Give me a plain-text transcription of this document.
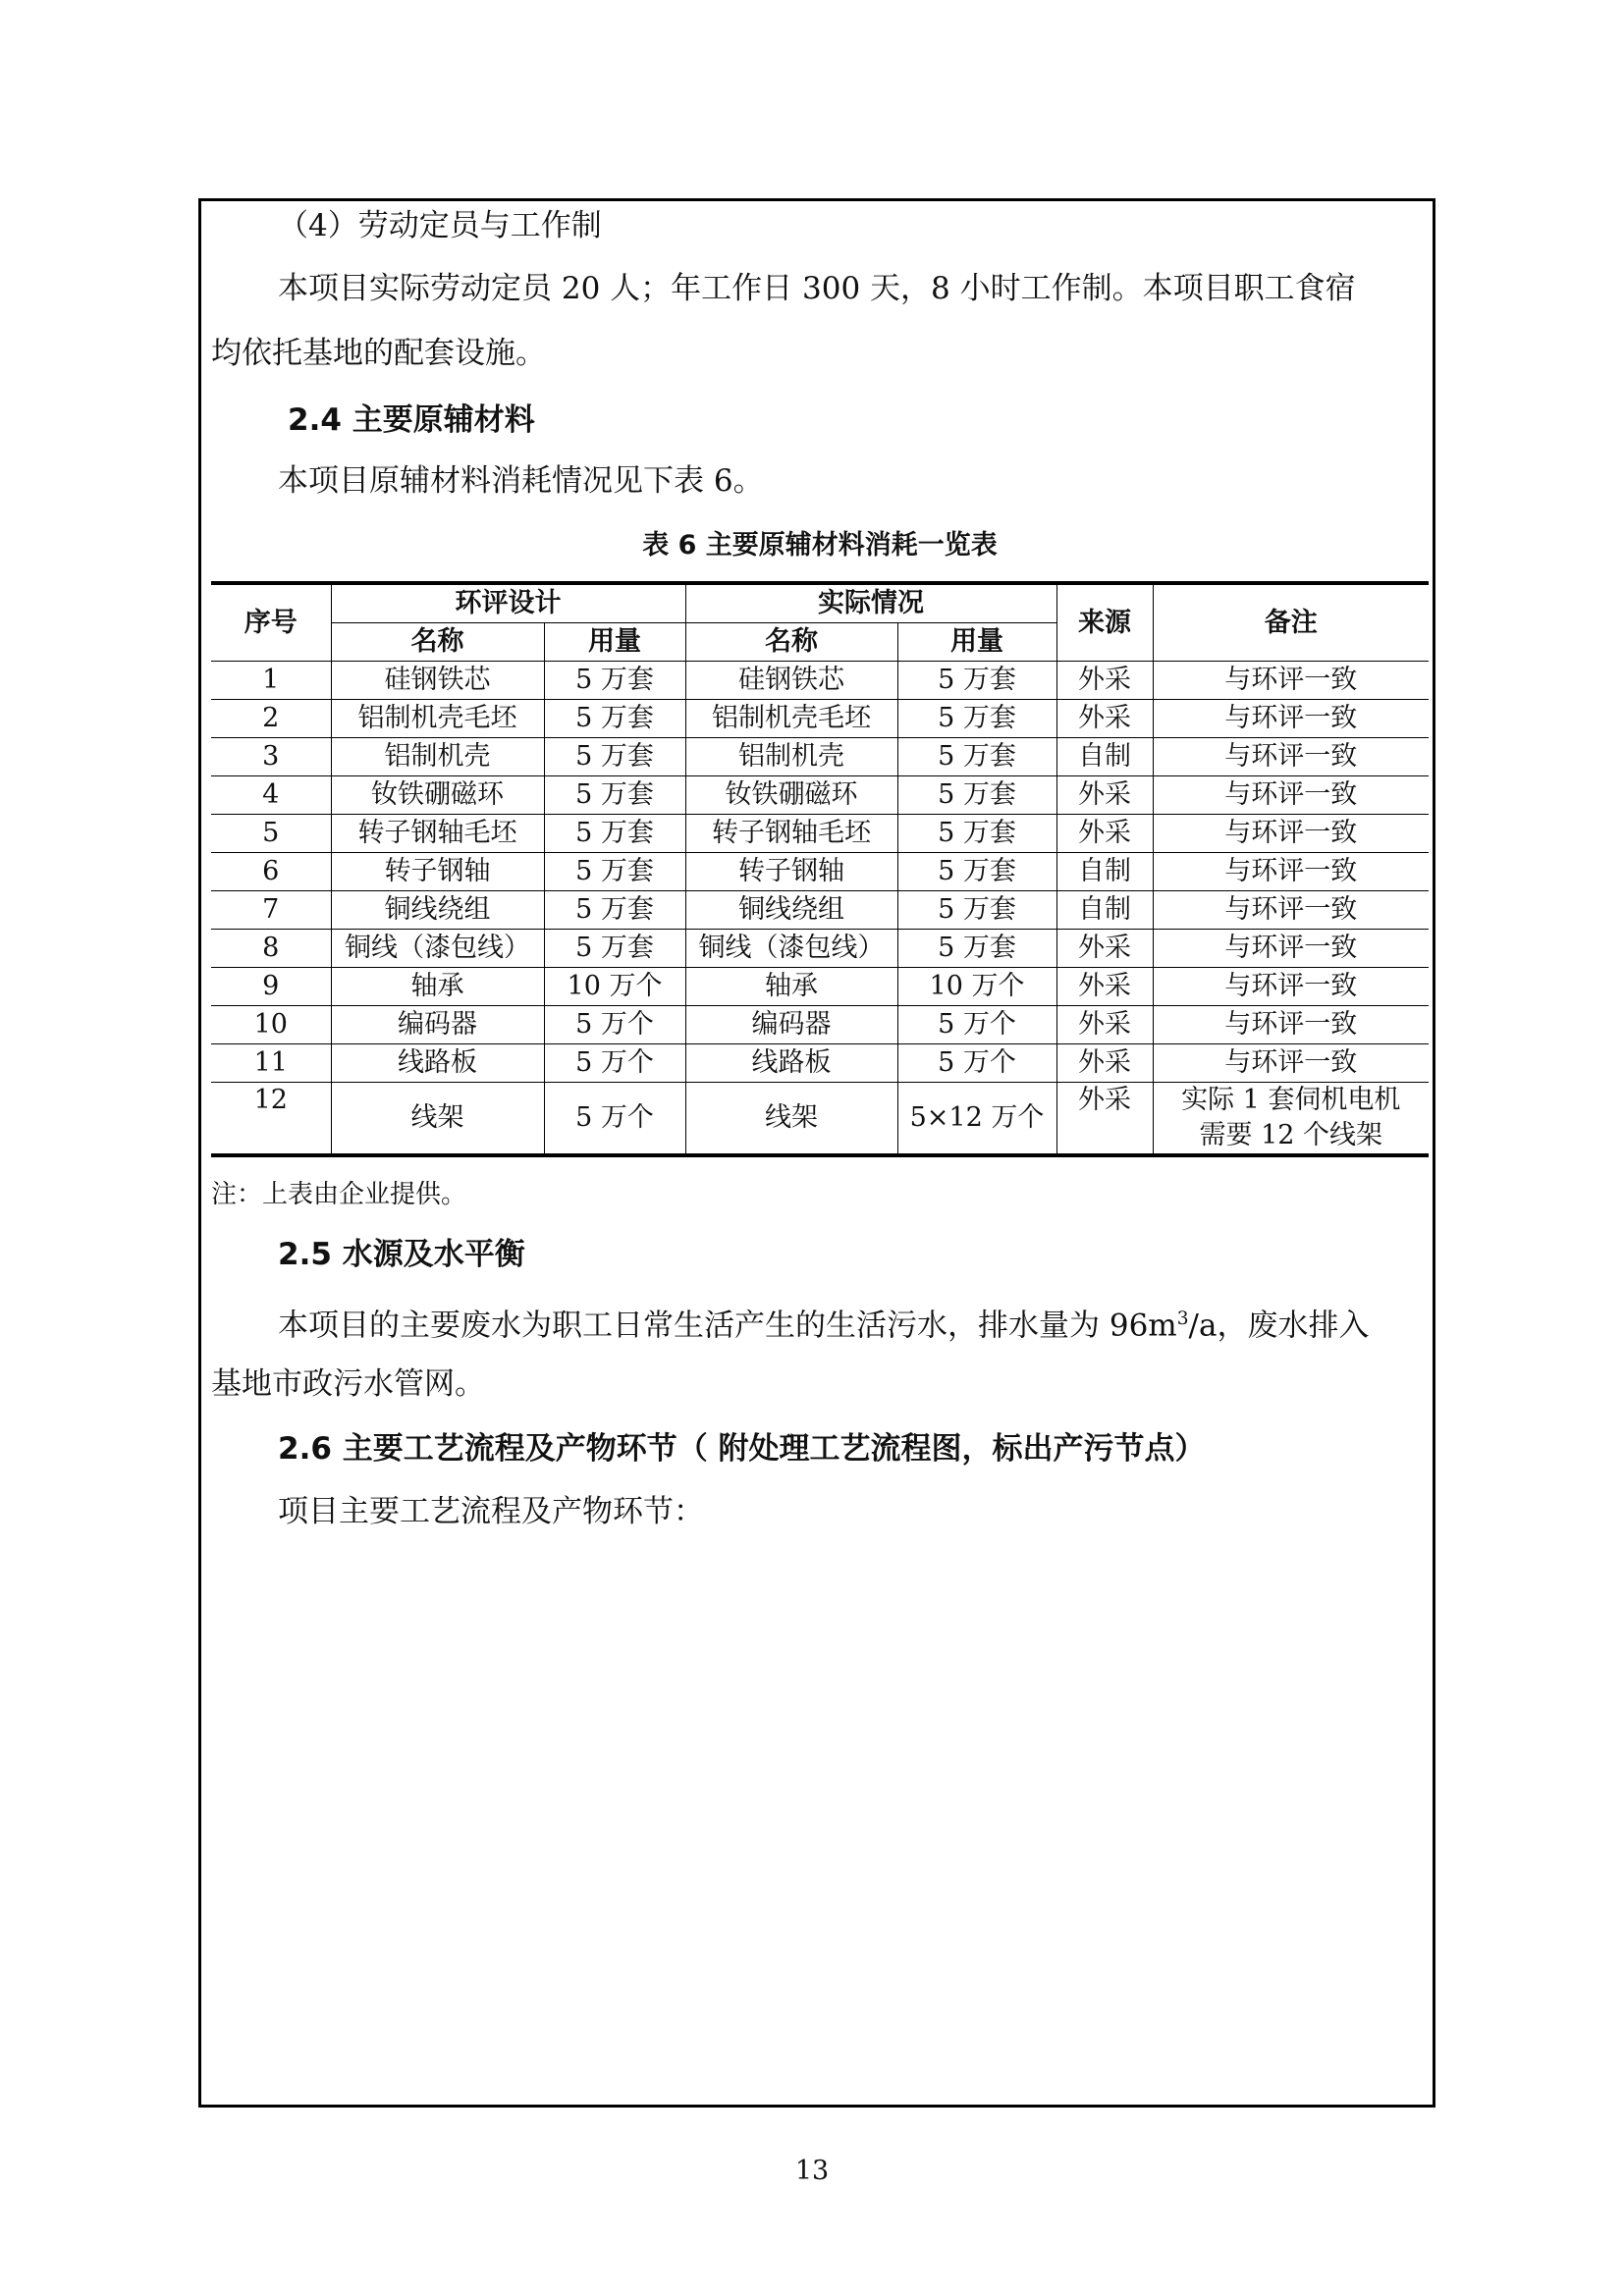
（4）劳动定员与工作制
本项目实际劳动定员 20 人；年工作日 300 天，8 小时工作制。本项目职工食宿
均依托基地的配套设施。
2.4 主要原辅材料
本项目原辅材料消耗情况见下表 6。
表 6 主要原辅材料消耗一览表
序号	环评设计		实际情况		来源	备注
	名称	用量	名称	用量		
1	硅钢铁芯	5 万套	硅钢铁芯	5 万套	外采	与环评一致
2	铝制机壳毛坯	5 万套	铝制机壳毛坯	5 万套	外采	与环评一致
3	铝制机壳	5 万套	铝制机壳	5 万套	自制	与环评一致
4	钕铁硼磁环	5 万套	钕铁硼磁环	5 万套	外采	与环评一致
5	转子钢轴毛坯	5 万套	转子钢轴毛坯	5 万套	外采	与环评一致
6	转子钢轴	5 万套	转子钢轴	5 万套	自制	与环评一致
7	铜线绕组	5 万套	铜线绕组	5 万套	自制	与环评一致
8	铜线（漆包线）	5 万套	铜线（漆包线）	5 万套	外采	与环评一致
9	轴承	10 万个	轴承	10 万个	外采	与环评一致
10	编码器	5 万个	编码器	5 万个	外采	与环评一致
11	线路板	5 万个	线路板	5 万个	外采	与环评一致
12	线架	5 万个	线架	5×12 万个	外采	实际 1 套伺机电机
需要 12 个线架
注：上表由企业提供。
2.5 水源及水平衡
本项目的主要废水为职工日常生活产生的生活污水，排水量为 $96m^3/a$，废水排入
基地市政污水管网。
2.6 主要工艺流程及产物环节（ 附处理工艺流程图，标出产污节点）
项目主要工艺流程及产物环节：
13
